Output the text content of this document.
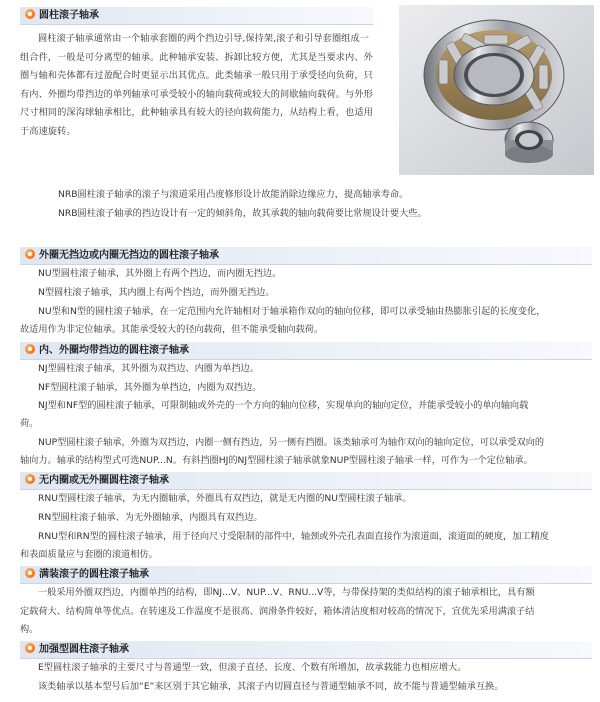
圆柱滚子轴承
圆柱滚子轴承通常由一个轴承套圈的两个挡边引导,保持架,滚子和引导套圈组成一组合件，一般是可分离型的轴承。此种轴承安装、拆卸比较方便，尤其是当要求内、外圈与轴和壳体都有过盈配合时更显示出其优点。此类轴承一般只用于承受径向负荷，只有内、外圈均带挡边的单列轴承可承受较小的轴向载荷或较大的间歇轴向载荷。与外形尺寸相同的深沟球轴承相比，此种轴承具有较大的径向载荷能力，从结构上看，也适用于高速旋转。
NRB圆柱滚子轴承的滚子与滚道采用凸度修形设计故能消除边缘应力，提高轴承寿命。
NRB圆柱滚子轴承的挡边设计有一定的倾斜角，故其承载的轴向载荷要比常规设计要大些。
外圈无挡边或内圈无挡边的圆柱滚子轴承
NU型圆柱滚子轴承，其外圈上有两个挡边，而内圈无挡边。
N型圆柱滚子轴承，其内圈上有两个挡边，而外圈无挡边。
NU型和N型的圆柱滚子轴承，在一定范围内允许轴相对于轴承箱作双向的轴向位移，即可以承受轴由热膨胀引起的长度变化，
故适用作为非定位轴承。其能承受较大的径向载荷，但不能承受轴向载荷。
内、外圈均带挡边的圆柱滚子轴承
NJ型圆柱滚子轴承，其外圈为双挡边、内圈为单挡边。
NF型圆柱滚子轴承，其外圈为单挡边，内圈为双挡边。
NJ型和NF型的圆柱滚子轴承，可限制轴或外壳的一个方向的轴向位移，实现单向的轴向定位，并能承受较小的单向轴向载
荷。
NUP型圆柱滚子轴承，外圈为双挡边，内圈一侧有挡边，另一侧有挡圈。该类轴承可为轴作双向的轴向定位，可以承受双向的
轴向力。轴承的结构型式可选NUP...N。有斜挡圈HJ的NJ型圆柱滚子轴承就象NUP型圆柱滚子轴承一样，可作为一个定位轴承。
无内圈或无外圈圆柱滚子轴承
RNU型圆柱滚子轴承，为无内圈轴承，外圈具有双挡边，就是无内圈的NU型圆柱滚子轴承。
RN型圆柱滚子轴承、为无外圈轴承，内圈具有双挡边。
RNU型和RN型的圆柱滚子轴承，用于径向尺寸受限制的部件中，轴颈或外壳孔表面直接作为滚道面，滚道面的硬度，加工精度
和表面质量应与套圈的滚道相仿。
满装滚子的圆柱滚子轴承
一般采用外圈双挡边，内圈单挡的结构，即NJ...V、NUP...V、RNU...V等，与带保持架的类似结构的滚子轴承相比，具有额
定载荷大、结构简单等优点。在转速及工作温度不是很高、润滑条件较好，箱体清洁度相对较高的情况下，宜优先采用满滚子结
构。
加强型圆柱滚子轴承
E型圆柱滚子轴承的主要尺寸与普通型一致，但滚子直径、长度、个数有所增加，故承载能力也相应增大。
该类轴承以基本型号后加“E”来区别于其它轴承，其滚子内切圆直径与普通型轴承不同，故不能与普通型轴承互换。
